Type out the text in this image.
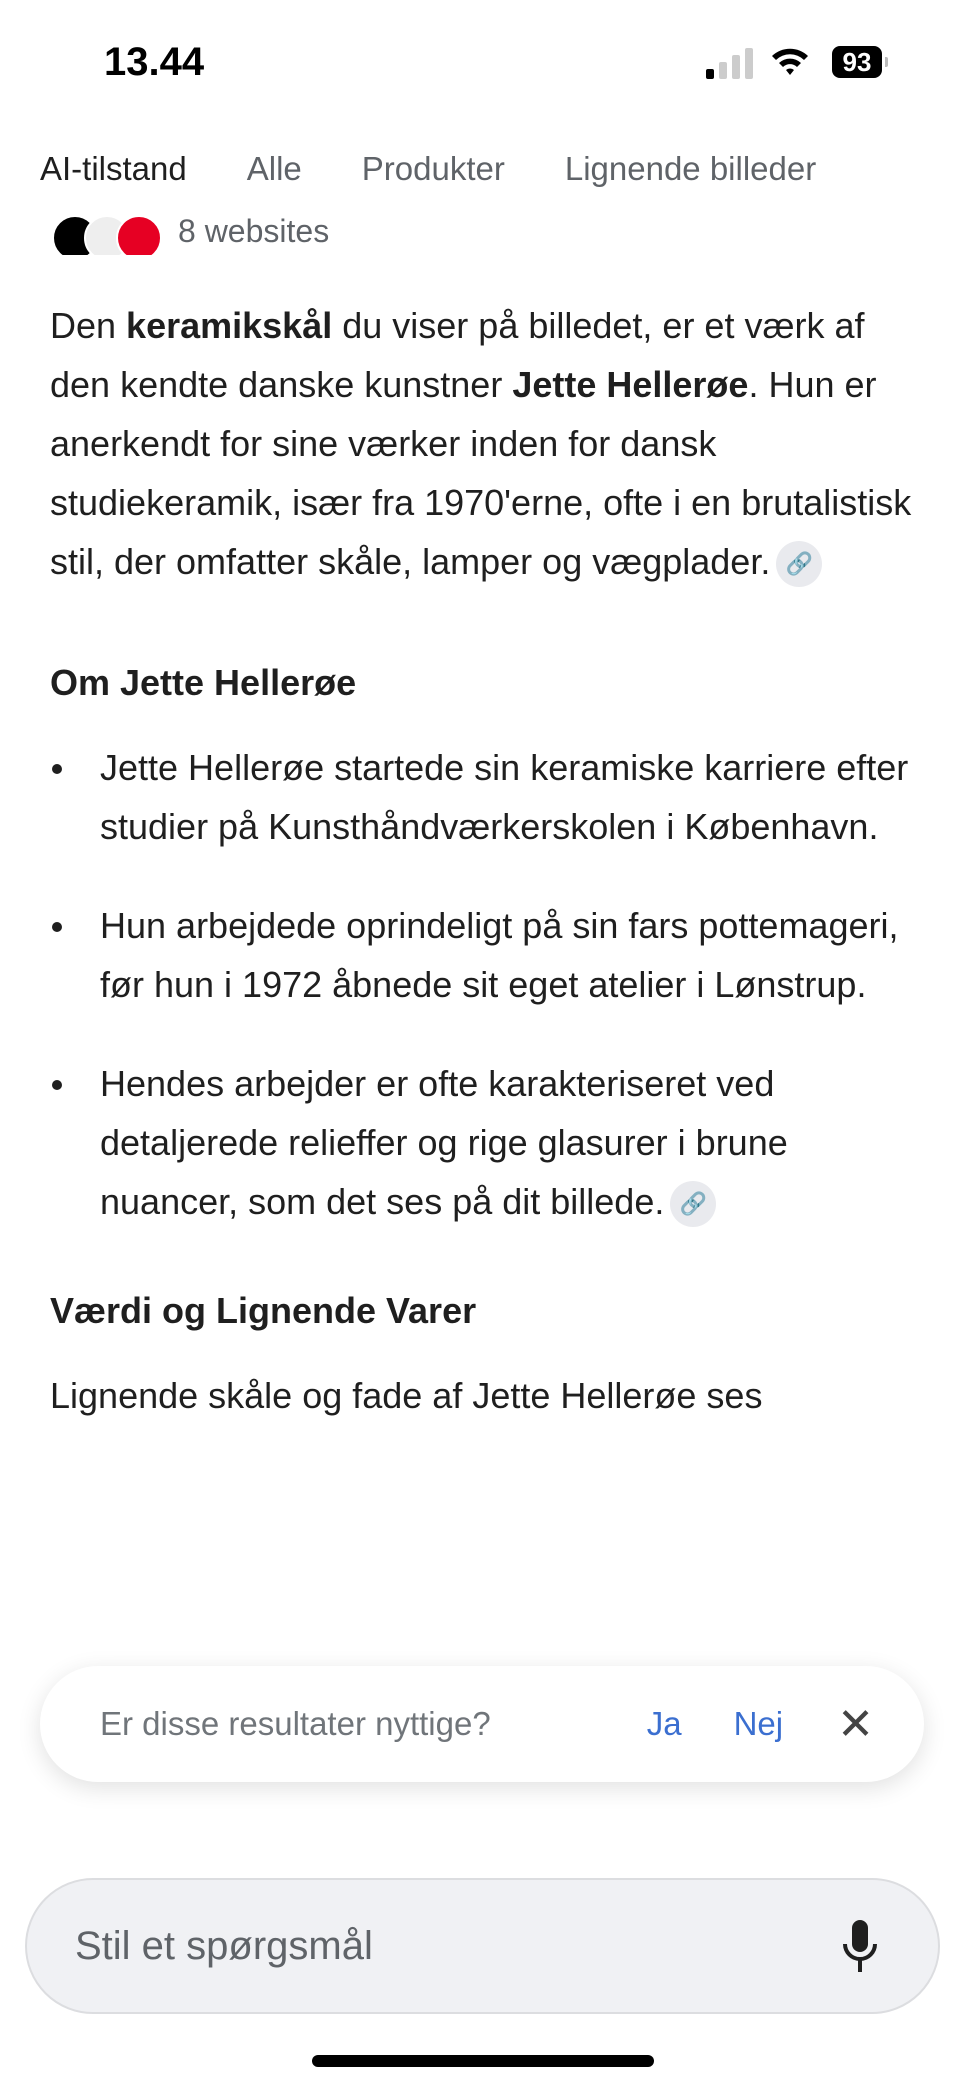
13.44	93
AI-tilstand Alle Produkter Lignende billeder
8 websites

Den keramikskål du viser på billedet, er et værk af den kendte danske kunstner Jette Hellerøe. Hun er anerkendt for sine værker inden for dansk studiekeramik, især fra 1970'erne, ofte i en brutalistisk stil, der omfatter skåle, lamper og vægplader. 🔗

Om Jette Hellerøe
Jette Hellerøe startede sin keramiske karriere efter studier på Kunsthåndværkerskolen i København.
Hun arbejdede oprindeligt på sin fars pottemageri, før hun i 1972 åbnede sit eget atelier i Lønstrup.
Hendes arbejder er ofte karakteriseret ved detaljerede relieffer og rige glasurer i brune nuancer, som det ses på dit billede. 🔗
Værdi og Lignende Varer

Lignende skåle og fade af Jette Hellerøe ses

Er disse resultater nyttige?	Ja Nej ✕
Stil et spørgsmål
